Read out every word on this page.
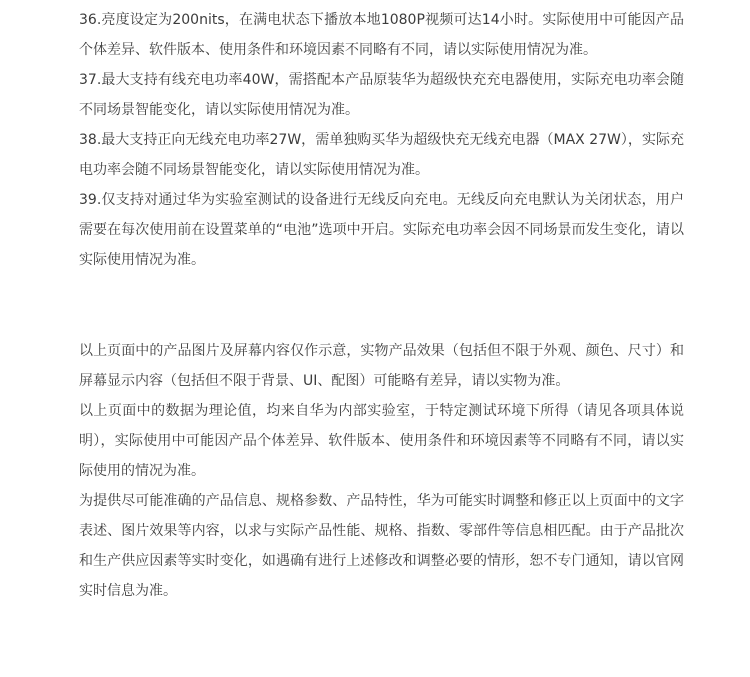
36.亮度设定为200nits，在满电状态下播放本地1080P视频可达14小时。实际使用中可能因产品个体差异、软件版本、使用条件和环境因素不同略有不同，请以实际使用情况为准。

37.最大支持有线充电功率40W，需搭配本产品原装华为超级快充充电器使用，实际充电功率会随不同场景智能变化，请以实际使用情况为准。

38.最大支持正向无线充电功率27W，需单独购买华为超级快充无线充电器（MAX 27W），实际充电功率会随不同场景智能变化，请以实际使用情况为准。

39.仅支持对通过华为实验室测试的设备进行无线反向充电。无线反向充电默认为关闭状态，用户需要在每次使用前在设置菜单的“电池”选项中开启。实际充电功率会因不同场景而发生变化，请以实际使用情况为准。

以上页面中的产品图片及屏幕内容仅作示意，实物产品效果（包括但不限于外观、颜色、尺寸）和屏幕显示内容（包括但不限于背景、UI、配图）可能略有差异，请以实物为准。

以上页面中的数据为理论值，均来自华为内部实验室，于特定测试环境下所得（请见各项具体说明），实际使用中可能因产品个体差异、软件版本、使用条件和环境因素等不同略有不同，请以实际使用的情况为准。

为提供尽可能准确的产品信息、规格参数、产品特性，华为可能实时调整和修正以上页面中的文字表述、图片效果等内容，以求与实际产品性能、规格、指数、零部件等信息相匹配。由于产品批次和生产供应因素等实时变化，如遇确有进行上述修改和调整必要的情形，恕不专门通知，请以官网实时信息为准。
